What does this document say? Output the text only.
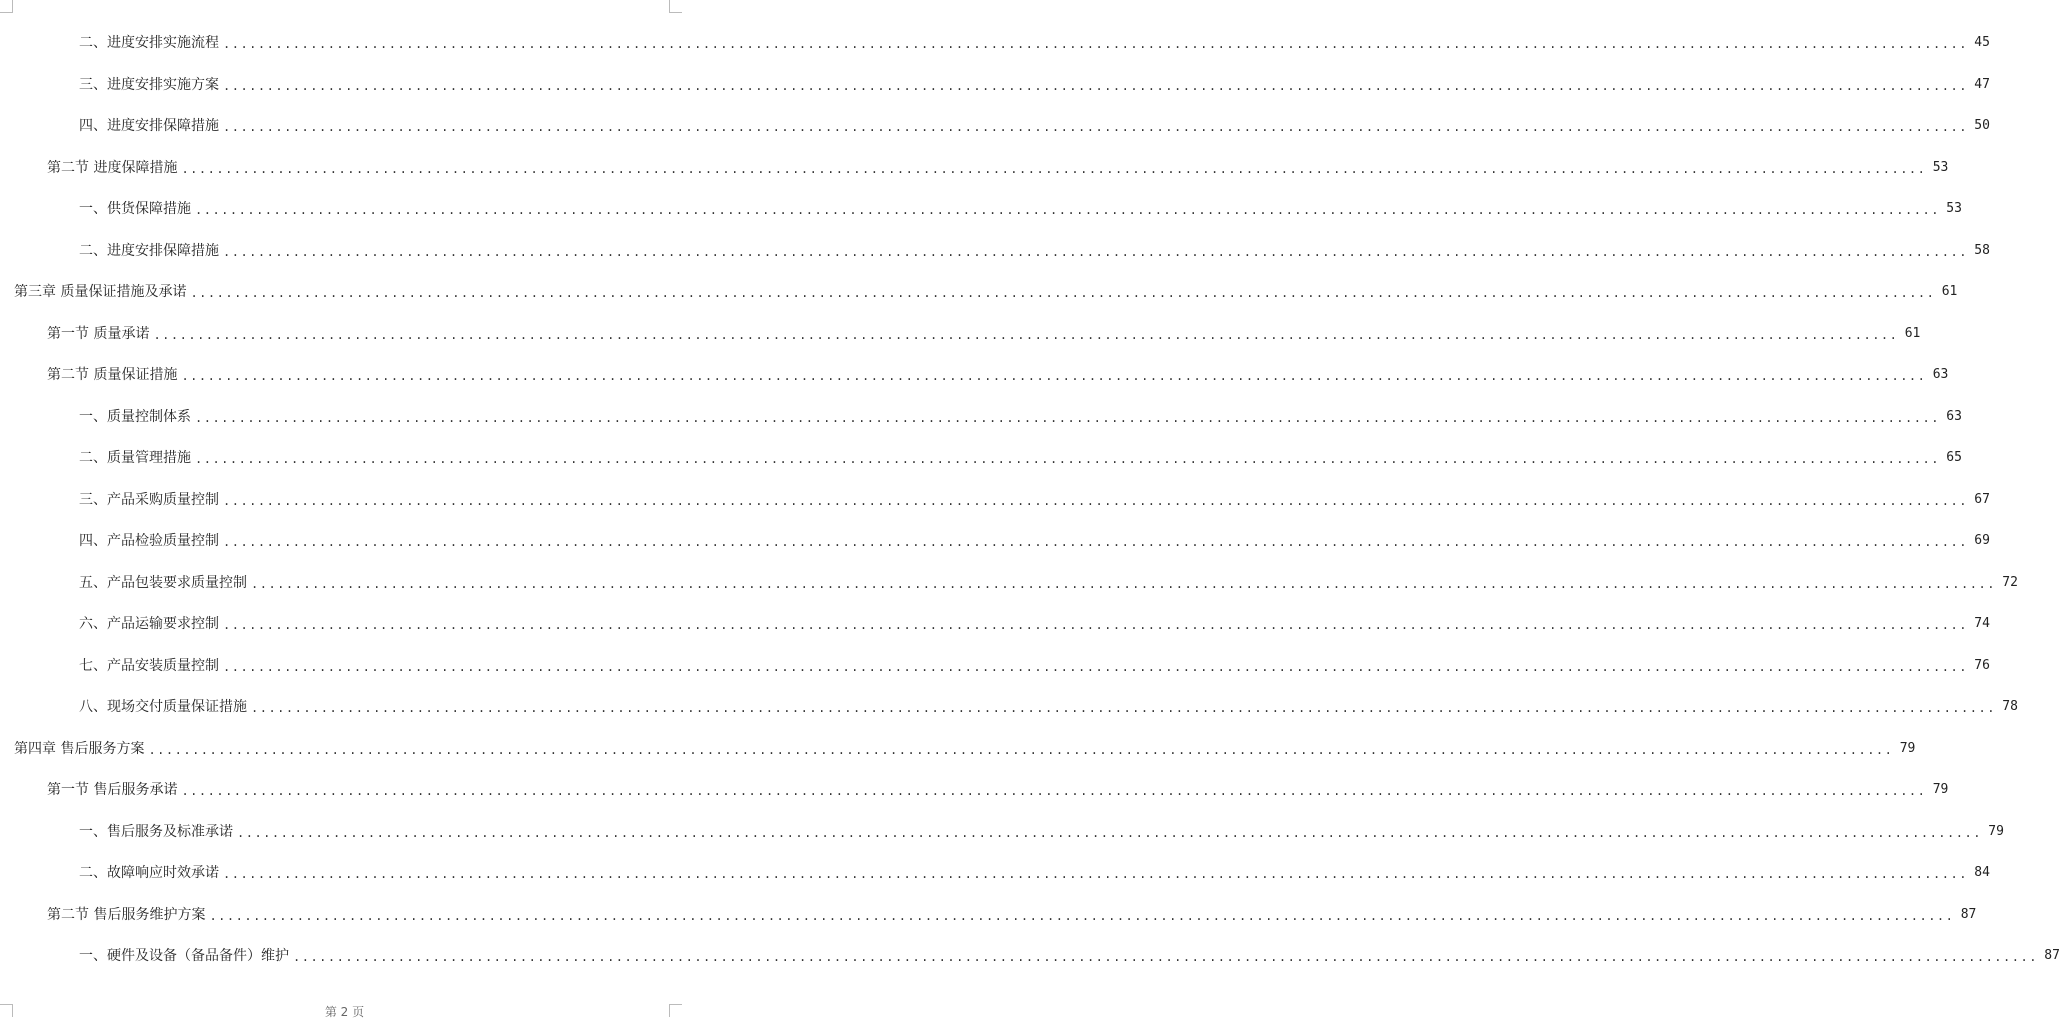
二、进度安排实施流程 ........................................................................................................................................................................................................ 45
三、进度安排实施方案 ........................................................................................................................................................................................................ 47
四、进度安排保障措施 ........................................................................................................................................................................................................ 50
第二节 进度保障措施 ........................................................................................................................................................................................................ 53
一、供货保障措施 ........................................................................................................................................................................................................ 53
二、进度安排保障措施 ........................................................................................................................................................................................................ 58
第三章 质量保证措施及承诺 ........................................................................................................................................................................................................ 61
第一节 质量承诺 ........................................................................................................................................................................................................ 61
第二节 质量保证措施 ........................................................................................................................................................................................................ 63
一、质量控制体系 ........................................................................................................................................................................................................ 63
二、质量管理措施 ........................................................................................................................................................................................................ 65
三、产品采购质量控制 ........................................................................................................................................................................................................ 67
四、产品检验质量控制 ........................................................................................................................................................................................................ 69
五、产品包装要求质量控制 ........................................................................................................................................................................................................ 72
六、产品运输要求控制 ........................................................................................................................................................................................................ 74
七、产品安装质量控制 ........................................................................................................................................................................................................ 76
八、现场交付质量保证措施 ........................................................................................................................................................................................................ 78
第四章 售后服务方案 ........................................................................................................................................................................................................ 79
第一节 售后服务承诺 ........................................................................................................................................................................................................ 79
一、售后服务及标准承诺 ........................................................................................................................................................................................................ 79
二、故障响应时效承诺 ........................................................................................................................................................................................................ 84
第二节 售后服务维护方案 ........................................................................................................................................................................................................ 87
一、硬件及设备（备品备件）维护 ........................................................................................................................................................................................................ 87
第 2 页
